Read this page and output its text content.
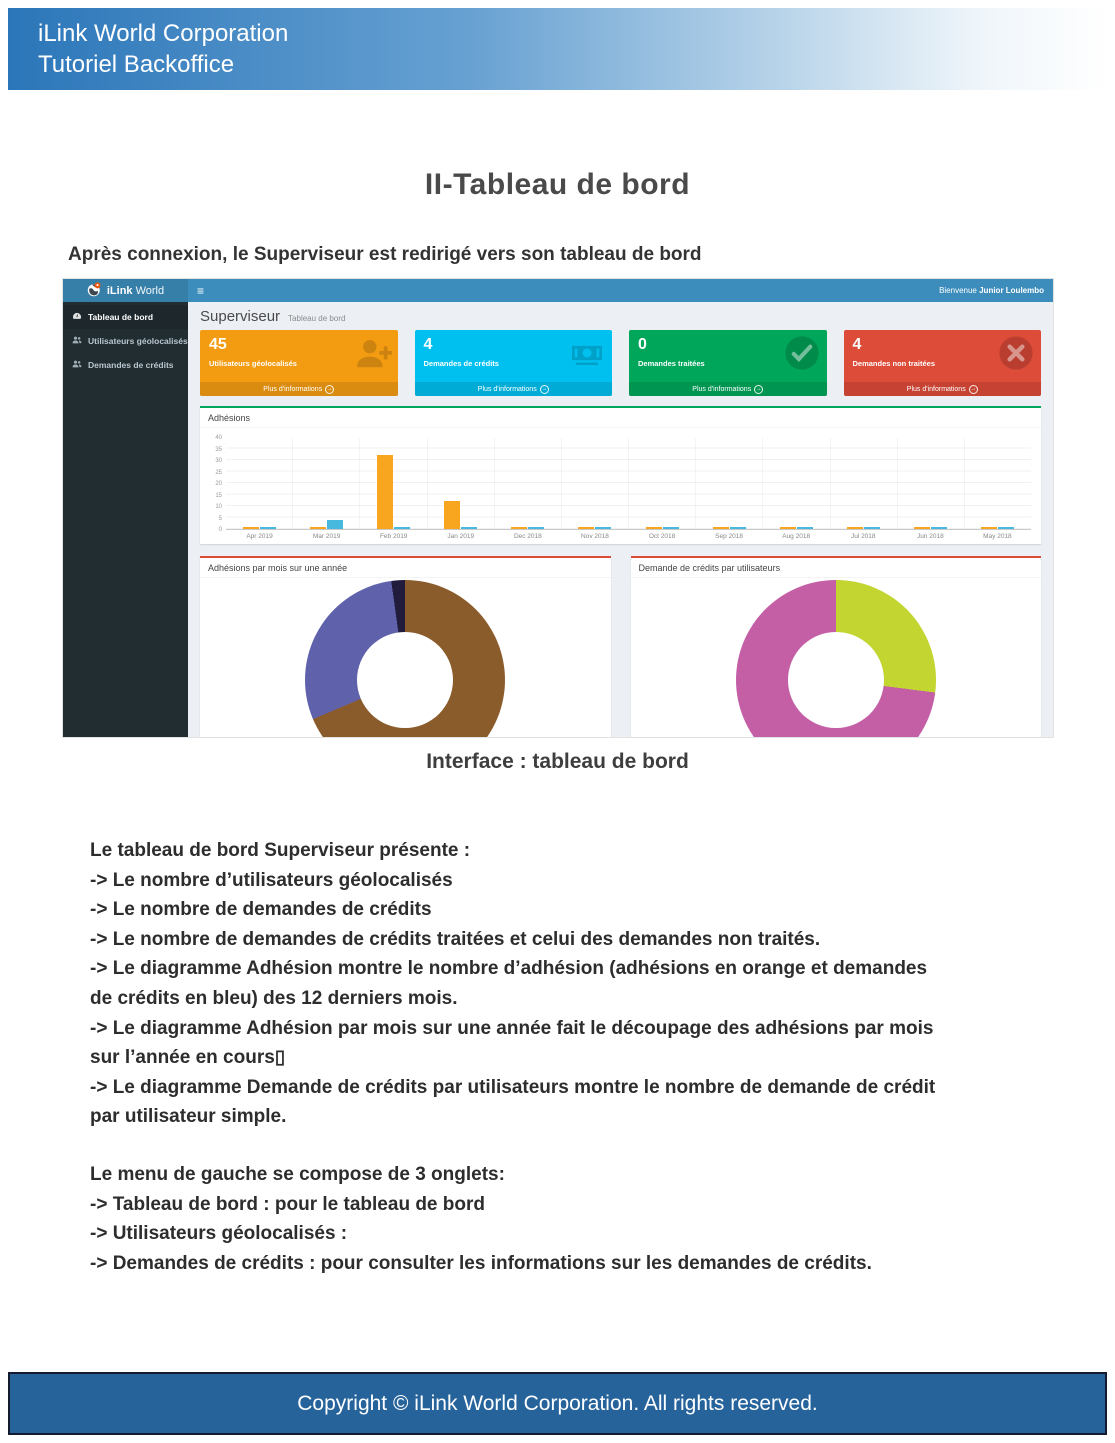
iLink World Corporation
Tutoriel Backoffice
II-Tableau de bord

Après connexion, le Superviseur est redirigé vers son tableau de bord

iLink World	≡	Bienvenue Junior Loulembo
Tableau de bord
Utilisateurs géolocalisés
Demandes de crédits
Superviseur Tableau de bord
45
Utilisateurs géolocalisés
Plus d'informations →
4
Demandes de crédits
Plus d'informations →
0
Demandes traitées
Plus d'informations →
4
Demandes non traitées
Plus d'informations →
Adhésions
40
35
30
25
20
15
10
5
0
Apr 2019	Mar 2019	Feb 2019	Jan 2019	Dec 2018	Nov 2018	Oct 2018	Sep 2018	Aug 2018	Jul 2018	Jun 2018	May 2018
Adhésions par mois sur une année	Demande de crédits par utilisateurs
Interface : tableau de bord
Le tableau de bord Superviseur présente :
-> Le nombre d’utilisateurs géolocalisés
-> Le nombre de demandes de crédits
-> Le nombre de demandes de crédits traitées et celui des demandes non traités.
-> Le diagramme Adhésion montre le nombre d’adhésion (adhésions en orange et demandes
de crédits en bleu) des 12 derniers mois.
-> Le diagramme Adhésion par mois sur une année fait le découpage des adhésions par mois
sur l’année en cours▯
-> Le diagramme Demande de crédits par utilisateurs montre le nombre de demande de crédit
par utilisateur simple.
Le menu de gauche se compose de 3 onglets:
-> Tableau de bord : pour le tableau de bord
-> Utilisateurs géolocalisés :
-> Demandes de crédits : pour consulter les informations sur les demandes de crédits.
Copyright © iLink World Corporation. All rights reserved.
